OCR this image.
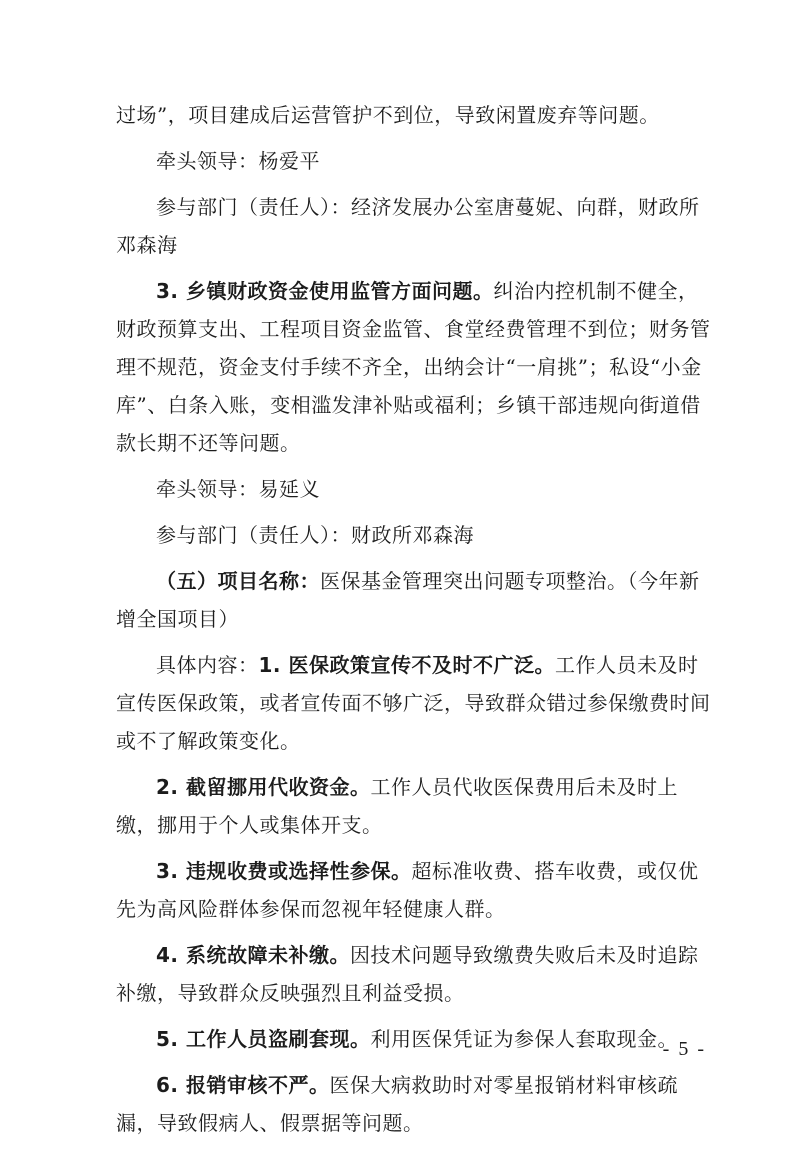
过场”，项目建成后运营管护不到位，导致闲置废弃等问题。

牵头领导：杨爱平

参与部门（责任人）：经济发展办公室唐蔓妮、向群，财政所邓森海

3. 乡镇财政资金使用监管方面问题。纠治内控机制不健全，财政预算支出、工程项目资金监管、食堂经费管理不到位；财务管理不规范，资金支付手续不齐全，出纳会计“一肩挑”；私设“小金库”、白条入账，变相滥发津补贴或福利；乡镇干部违规向街道借款长期不还等问题。

牵头领导：易延义

参与部门（责任人）：财政所邓森海

（五）项目名称：医保基金管理突出问题专项整治。（今年新增全国项目）

具体内容：1. 医保政策宣传不及时不广泛。工作人员未及时宣传医保政策，或者宣传面不够广泛，导致群众错过参保缴费时间或不了解政策变化。

2. 截留挪用代收资金。工作人员代收医保费用后未及时上缴，挪用于个人或集体开支。

3. 违规收费或选择性参保。超标准收费、搭车收费，或仅优先为高风险群体参保而忽视年轻健康人群。

4. 系统故障未补缴。因技术问题导致缴费失败后未及时追踪补缴，导致群众反映强烈且利益受损。

5. 工作人员盗刷套现。利用医保凭证为参保人套取现金。

6. 报销审核不严。医保大病救助时对零星报销材料审核疏漏，导致假病人、假票据等问题。

- 5 -
